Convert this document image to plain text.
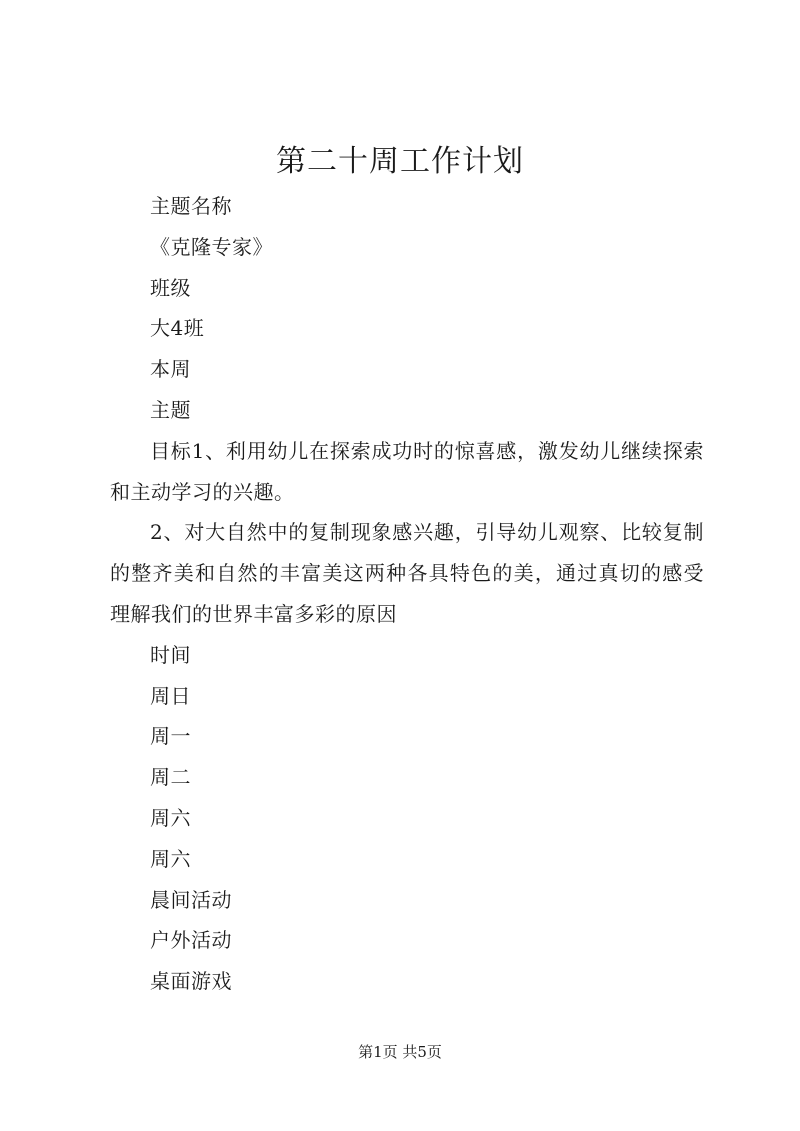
第二十周工作计划

主题名称

《克隆专家》

班级

大4班

本周

主题

目标1、利用幼儿在探索成功时的惊喜感，激发幼儿继续探索和主动学习的兴趣。

2、对大自然中的复制现象感兴趣，引导幼儿观察、比较复制的整齐美和自然的丰富美这两种各具特色的美，通过真切的感受理解我们的世界丰富多彩的原因

时间

周日

周一

周二

周六

周六

晨间活动

户外活动

桌面游戏

第1页 共5页
